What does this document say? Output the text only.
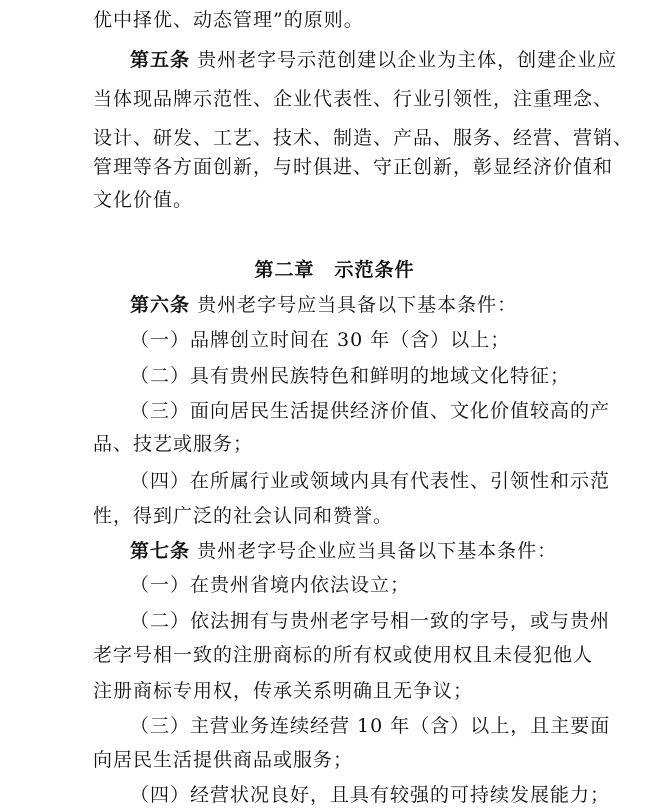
优中择优、动态管理”的原则。
第五条 贵州老字号示范创建以企业为主体，创建企业应
当体现品牌示范性、企业代表性、行业引领性，注重理念、
设计、研发、工艺、技术、制造、产品、服务、经营、营销、
管理等各方面创新，与时俱进、守正创新，彰显经济价值和
文化价值。
第二章　示范条件
第六条 贵州老字号应当具备以下基本条件：
（一）品牌创立时间在 30 年（含）以上；
（二）具有贵州民族特色和鲜明的地域文化特征；
（三）面向居民生活提供经济价值、文化价值较高的产
品、技艺或服务；
（四）在所属行业或领域内具有代表性、引领性和示范
性，得到广泛的社会认同和赞誉。
第七条 贵州老字号企业应当具备以下基本条件：
（一）在贵州省境内依法设立；
（二）依法拥有与贵州老字号相一致的字号，或与贵州
老字号相一致的注册商标的所有权或使用权且未侵犯他人
注册商标专用权，传承关系明确且无争议；
（三）主营业务连续经营 10 年（含）以上，且主要面
向居民生活提供商品或服务；
（四）经营状况良好，且具有较强的可持续发展能力；
